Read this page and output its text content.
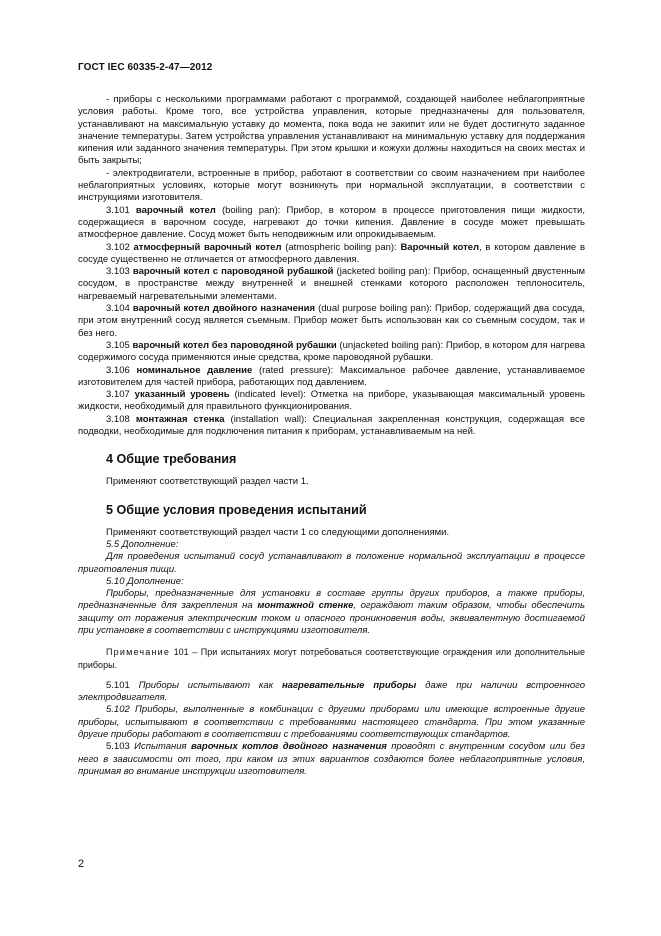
ГОСТ IEC 60335-2-47—2012

- приборы с несколькими программами работают с программой, создающей наиболее неблагоприятные условия работы. Кроме того, все устройства управления, которые предназначены для пользователя, устанавливают на максимальную уставку до момента, пока вода не закипит или не будет достигнуто заданное значение температуры. Затем устройства управления устанавливают на минимальную уставку для поддержания кипения или заданного значения температуры. При этом крышки и кожухи должны находиться на своих местах и быть закрыты;

- электродвигатели, встроенные в прибор, работают в соответствии со своим назначением при наиболее неблагоприятных условиях, которые могут возникнуть при нормальной эксплуатации, в соответствии с инструкциями изготовителя.

3.101 варочный котел (boiling pan): Прибор, в котором в процессе приготовления пищи жидкости, содержащиеся в варочном сосуде, нагревают до точки кипения. Давление в сосуде может превышать атмосферное давление. Сосуд может быть неподвижным или опрокидываемым.

3.102 атмосферный варочный котел (atmospheric boiling pan): Варочный котел, в котором давление в сосуде существенно не отличается от атмосферного давления.

3.103 варочный котел с пароводяной рубашкой (jacketed boiling pan): Прибор, оснащенный двустенным сосудом, в пространстве между внутренней и внешней стенками которого расположен теплоноситель, нагреваемый нагревательными элементами.

3.104 варочный котел двойного назначения (dual purpose boiling pan): Прибор, содержащий два сосуда, при этом внутренний сосуд является съемным. Прибор может быть использован как со съемным сосудом, так и без него.

3.105 варочный котел без пароводяной рубашки (unjacketed boiling pan): Прибор, в котором для нагрева содержимого сосуда применяются иные средства, кроме пароводяной рубашки.

3.106 номинальное давление (rated pressure): Максимальное рабочее давление, устанавливаемое изготовителем для частей прибора, работающих под давлением.

3.107 указанный уровень (indicated level): Отметка на приборе, указывающая максимальный уровень жидкости, необходимый для правильного функционирования.

3.108 монтажная стенка (installation wall): Специальная закрепленная конструкция, содержащая все подводки, необходимые для подключения питания к приборам, устанавливаемым на ней.

4 Общие требования

Применяют соответствующий раздел части 1.

5 Общие условия проведения испытаний

Применяют соответствующий раздел части 1 со следующими дополнениями.

5.5 Дополнение:

Для проведения испытаний сосуд устанавливают в положение нормальной эксплуатации в процессе приготовления пищи.

5.10 Дополнение:

Приборы, предназначенные для установки в составе группы других приборов, а также приборы, предназначенные для закрепления на монтажной стенке, ограждают таким образом, чтобы обеспечить защиту от поражения электрическим током и опасного проникновения воды, эквивалентную достигаемой при установке в соответствии с инструкциями изготовителя.

Примечание 101 – При испытаниях могут потребоваться соответствующие ограждения или дополнительные приборы.

5.101 Приборы испытывают как нагревательные приборы даже при наличии встроенного электродвигателя.

5.102 Приборы, выполненные в комбинации с другими приборами или имеющие встроенные другие приборы, испытывают в соответствии с требованиями настоящего стандарта. При этом указанные другие приборы работают в соответствии с требованиями соответствующих стандартов.

5.103 Испытания варочных котлов двойного назначения проводят с внутренним сосудом или без него в зависимости от того, при каком из этих вариантов создаются более неблагоприятные условия, принимая во внимание инструкции изготовителя.

2
